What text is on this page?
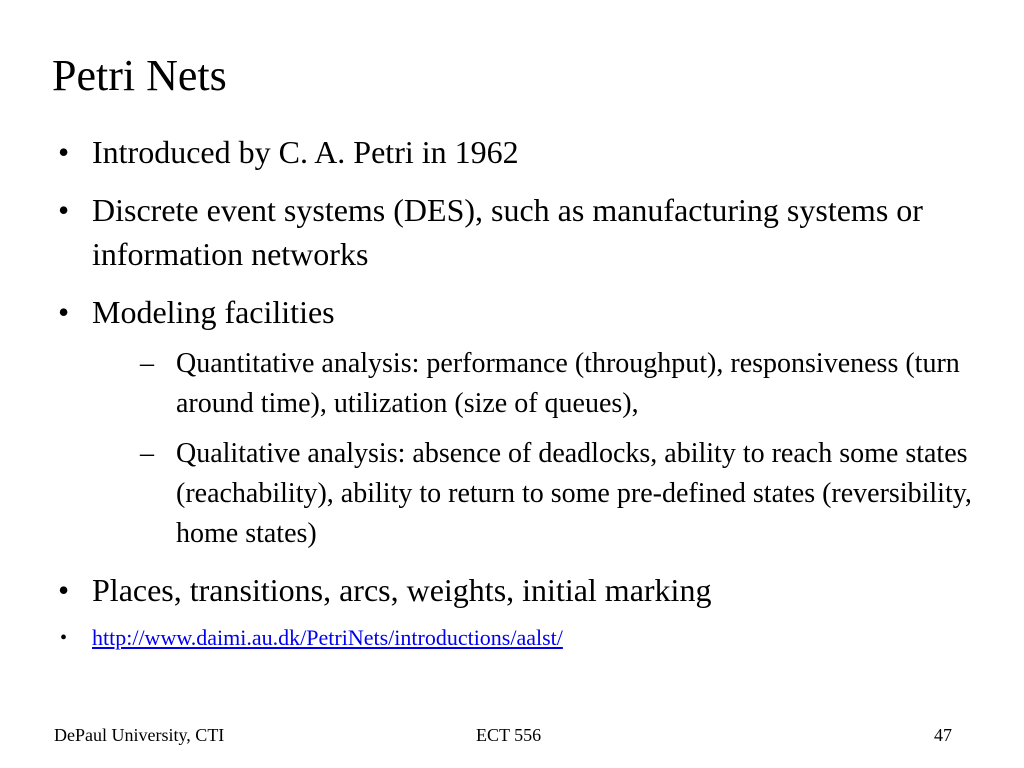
Petri Nets
• Introduced by C. A. Petri in 1962
• Discrete event systems (DES), such as manufacturing systems or information networks
• Modeling facilities
– Quantitative analysis: performance (throughput), responsiveness (turn around time), utilization (size of queues),
– Qualitative analysis: absence of deadlocks, ability to reach some states (reachability), ability to return to some pre-defined states (reversibility, home states)
• Places, transitions, arcs, weights, initial marking
• http://www.daimi.au.dk/PetriNets/introductions/aalst/
DePaul University, CTI	ECT 556	47
